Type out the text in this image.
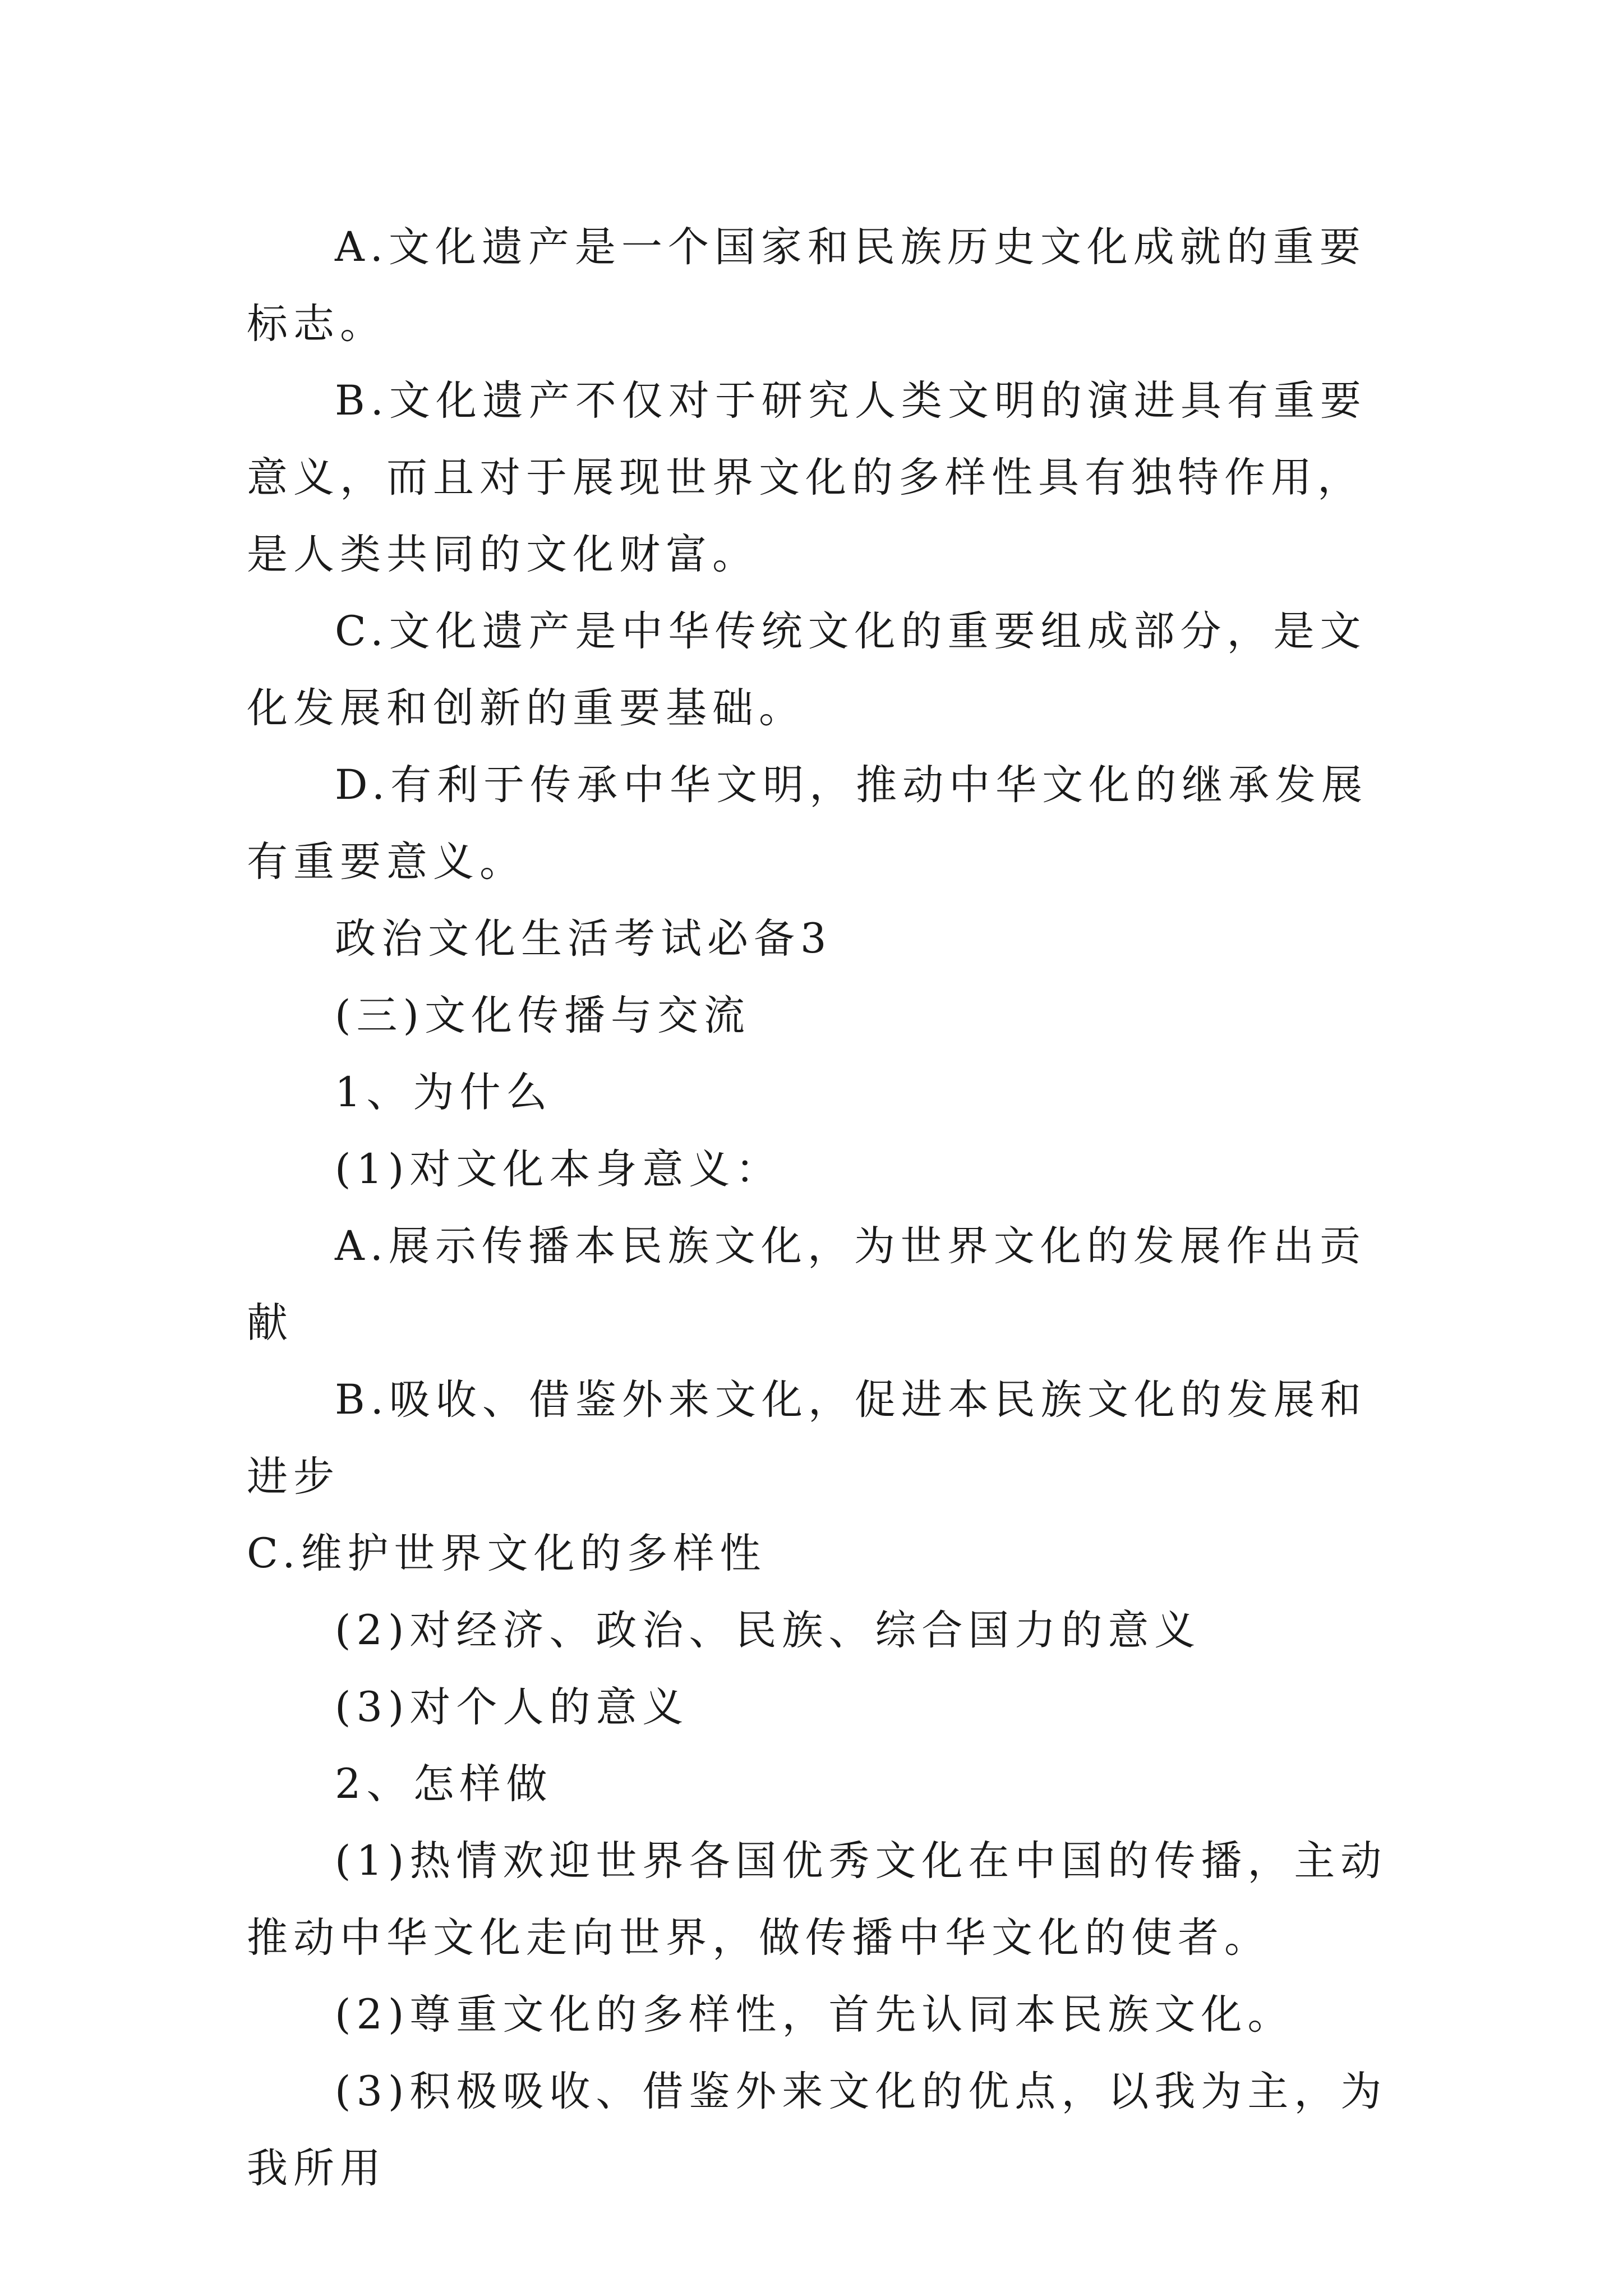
A.文化遗产是一个国家和民族历史文化成就的重要标志。

B.文化遗产不仅对于研究人类文明的演进具有重要意义，而且对于展现世界文化的多样性具有独特作用，是人类共同的文化财富。

C.文化遗产是中华传统文化的重要组成部分，是文化发展和创新的重要基础。

D.有利于传承中华文明，推动中华文化的继承发展有重要意义。

政治文化生活考试必备3

(三)文化传播与交流

1、为什么

(1)对文化本身意义：

A.展示传播本民族文化，为世界文化的发展作出贡献

B.吸收、借鉴外来文化，促进本民族文化的发展和进步

C.维护世界文化的多样性

(2)对经济、政治、民族、综合国力的意义

(3)对个人的意义

2、怎样做

(1)热情欢迎世界各国优秀文化在中国的传播，主动推动中华文化走向世界，做传播中华文化的使者。

(2)尊重文化的多样性，首先认同本民族文化。

(3)积极吸收、借鉴外来文化的优点，以我为主，为我所用
